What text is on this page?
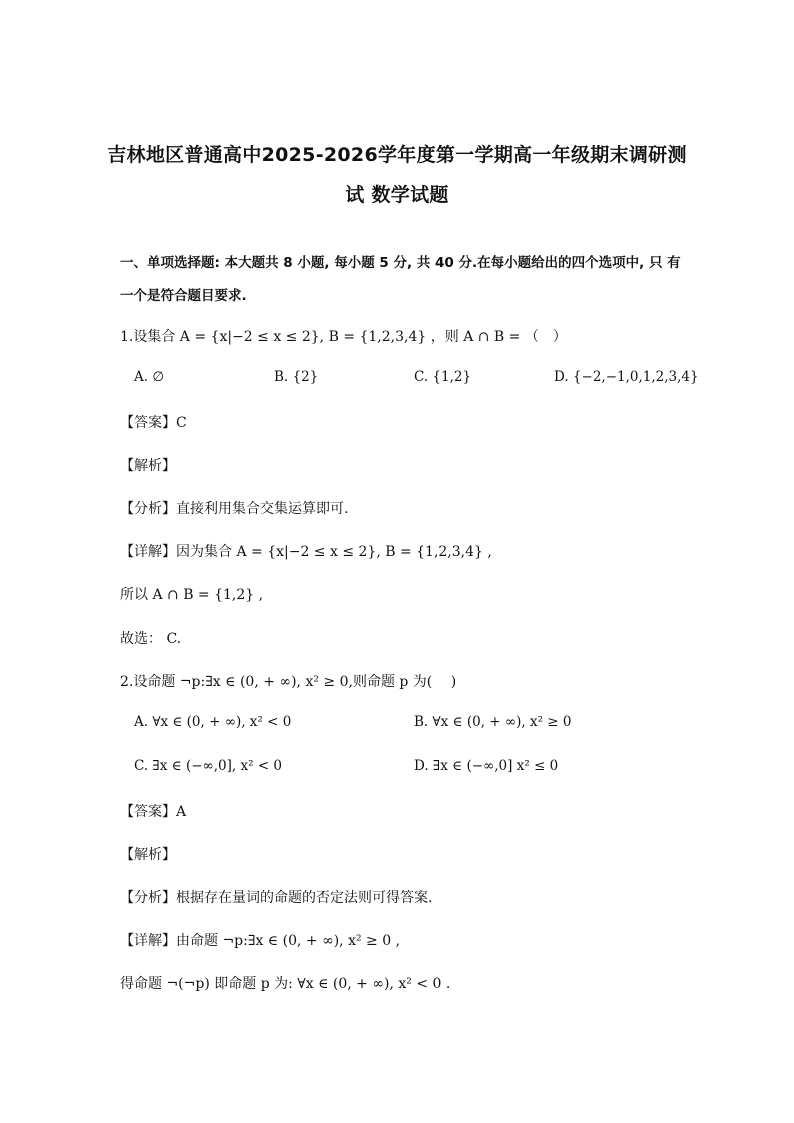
吉林地区普通高中2025-2026学年度第一学期高一年级期末调研测
试 数学试题
一、单项选择题: 本大题共 8 小题, 每小题 5 分, 共 40 分.在每小题给出的四个选项中, 只 有
一个是符合题目要求.
1.设集合 A = {x|−2 ≤ x ≤ 2}, B = {1,2,3,4} ，则 A ∩ B = （　）
A. ∅	B. {2}	C. {1,2}	D. {−2,−1,0,1,2,3,4}
【答案】C
【解析】
【分析】直接利用集合交集运算即可.
【详解】因为集合 A = {x|−2 ≤ x ≤ 2}, B = {1,2,3,4} ,
所以 A ∩ B = {1,2} ,
故选： C.
2.设命题 ¬p:∃x ∈ (0, + ∞), x² ≥ 0,则命题 p 为(　 )
A. ∀x ∈ (0, + ∞), x² < 0	B. ∀x ∈ (0, + ∞), x² ≥ 0
C. ∃x ∈ (−∞,0], x² < 0	D. ∃x ∈ (−∞,0] x² ≤ 0
【答案】A
【解析】
【分析】根据存在量词的命题的否定法则可得答案.
【详解】由命题 ¬p:∃x ∈ (0, + ∞), x² ≥ 0 ,
得命题 ¬(¬p) 即命题 p 为: ∀x ∈ (0, + ∞), x² < 0 .
